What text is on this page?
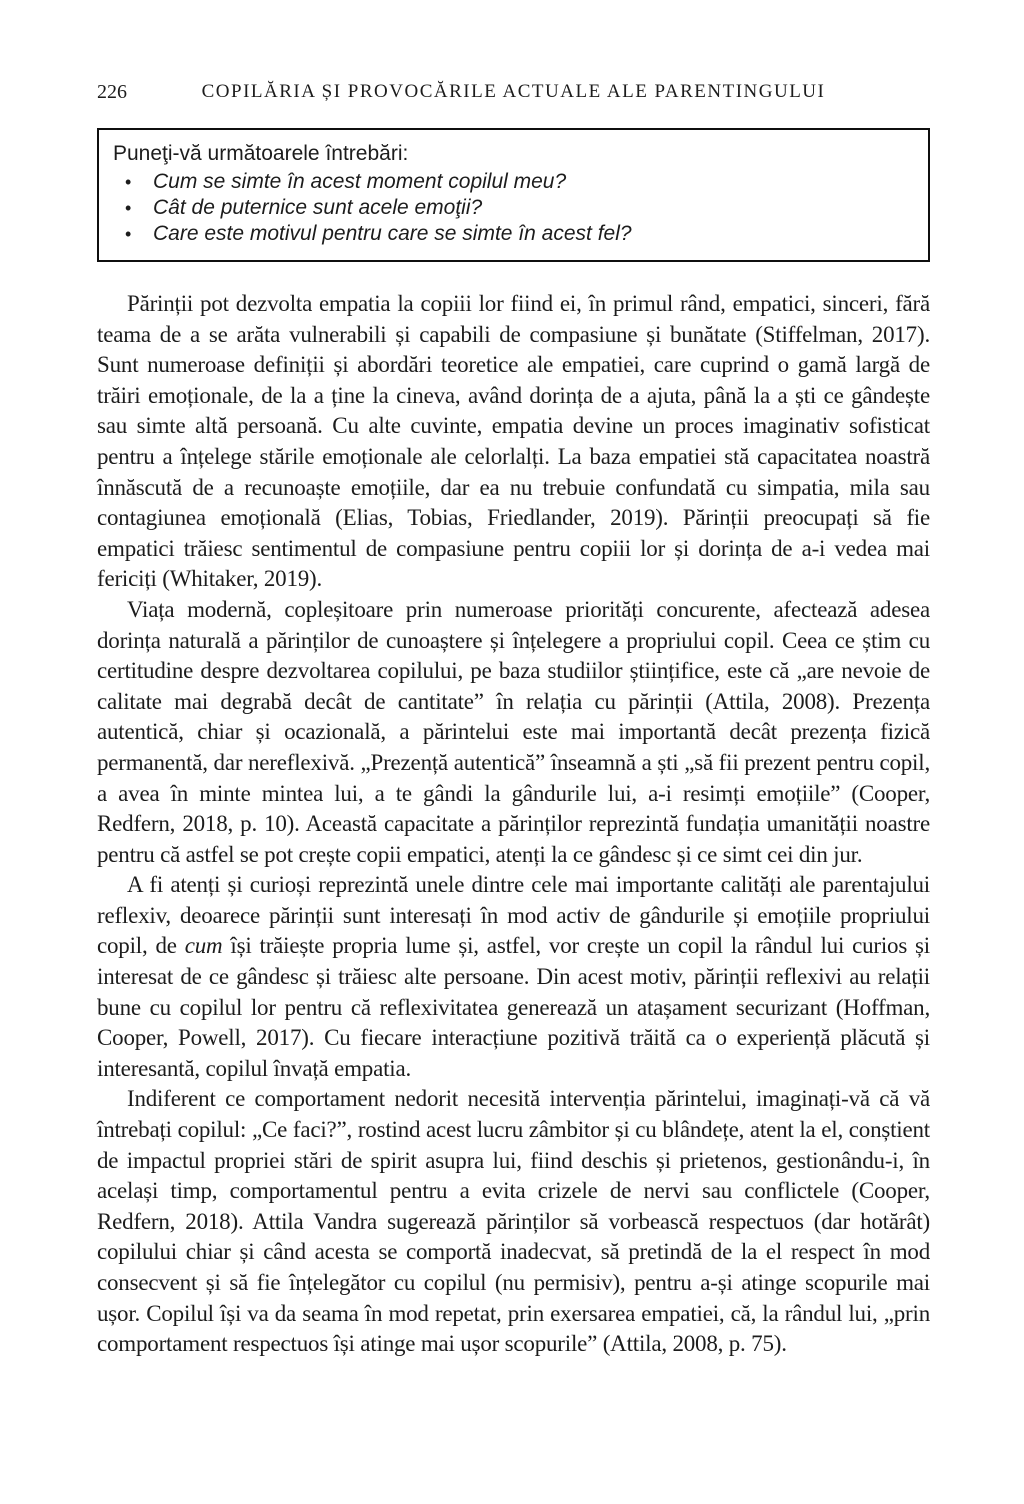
226	COPILĂRIA ȘI PROVOCĂRILE ACTUALE ALE PARENTINGULUI

Puneţi-vă următoarele întrebări:

•	Cum se simte în acest moment copilul meu?
•	Cât de puternice sunt acele emoţii?
•	Care este motivul pentru care se simte în acest fel?

Părinții pot dezvolta empatia la copiii lor fiind ei, în primul rând, empatici, sinceri, fără teama de a se arăta vulnerabili și capabili de compasiune și bunătate (Stiffelman, 2017). Sunt numeroase definiții și abordări teoretice ale empatiei, care cuprind o gamă largă de trăiri emoționale, de la a ține la cineva, având dorința de a ajuta, până la a ști ce gândește sau simte altă persoană. Cu alte cuvinte, empatia devine un proces imaginativ sofisticat pentru a înțelege stările emoționale ale celorlalți. La baza empatiei stă capacitatea noastră înnăscută de a recunoaște emoțiile, dar ea nu trebuie confundată cu simpatia, mila sau contagiunea emoțională (Elias, Tobias, Friedlander, 2019). Părinții preocupați să fie empatici trăiesc sentimentul de compasiune pentru copiii lor și dorința de a-i vedea mai fericiți (Whitaker, 2019).

Viața modernă, copleșitoare prin numeroase priorități concurente, afectează adesea dorința naturală a părinților de cunoaștere și înțelegere a propriului copil. Ceea ce știm cu certitudine despre dezvoltarea copilului, pe baza studiilor științifice, este că „are nevoie de calitate mai degrabă decât de cantitate” în relația cu părinții (Attila, 2008). Prezența autentică, chiar și ocazională, a părintelui este mai importantă decât prezența fizică permanentă, dar nereflexivă. „Prezență autentică” înseamnă a ști „să fii prezent pentru copil, a avea în minte mintea lui, a te gândi la gândurile lui, a-i resimți emoțiile” (Cooper, Redfern, 2018, p. 10). Această capacitate a părinților reprezintă fundația umanității noastre pentru că astfel se pot crește copii empatici, atenți la ce gândesc și ce simt cei din jur.

A fi atenți și curioși reprezintă unele dintre cele mai importante calități ale parentajului reflexiv, deoarece părinții sunt interesați în mod activ de gândurile și emoțiile propriului copil, de cum își trăiește propria lume și, astfel, vor crește un copil la rândul lui curios și interesat de ce gândesc și trăiesc alte persoane. Din acest motiv, părinții reflexivi au relații bune cu copilul lor pentru că reflexivitatea generează un atașament securizant (Hoffman, Cooper, Powell, 2017). Cu fiecare interacțiune pozitivă trăită ca o experiență plăcută și interesantă, copilul învață empatia.

Indiferent ce comportament nedorit necesită intervenția părintelui, imaginați-vă că vă întrebați copilul: „Ce faci?”, rostind acest lucru zâmbitor și cu blândețe, atent la el, conștient de impactul propriei stări de spirit asupra lui, fiind deschis și prietenos, gestionându-i, în același timp, comportamentul pentru a evita crizele de nervi sau conflictele (Cooper, Redfern, 2018). Attila Vandra sugerează părinților să vorbească respectuos (dar hotărât) copilului chiar și când acesta se comportă inadecvat, să pretindă de la el respect în mod consecvent și să fie înțelegător cu copilul (nu permisiv), pentru a-și atinge scopurile mai ușor. Copilul își va da seama în mod repetat, prin exersarea empatiei, că, la rândul lui, „prin comportament respectuos își atinge mai ușor scopurile” (Attila, 2008, p. 75).
